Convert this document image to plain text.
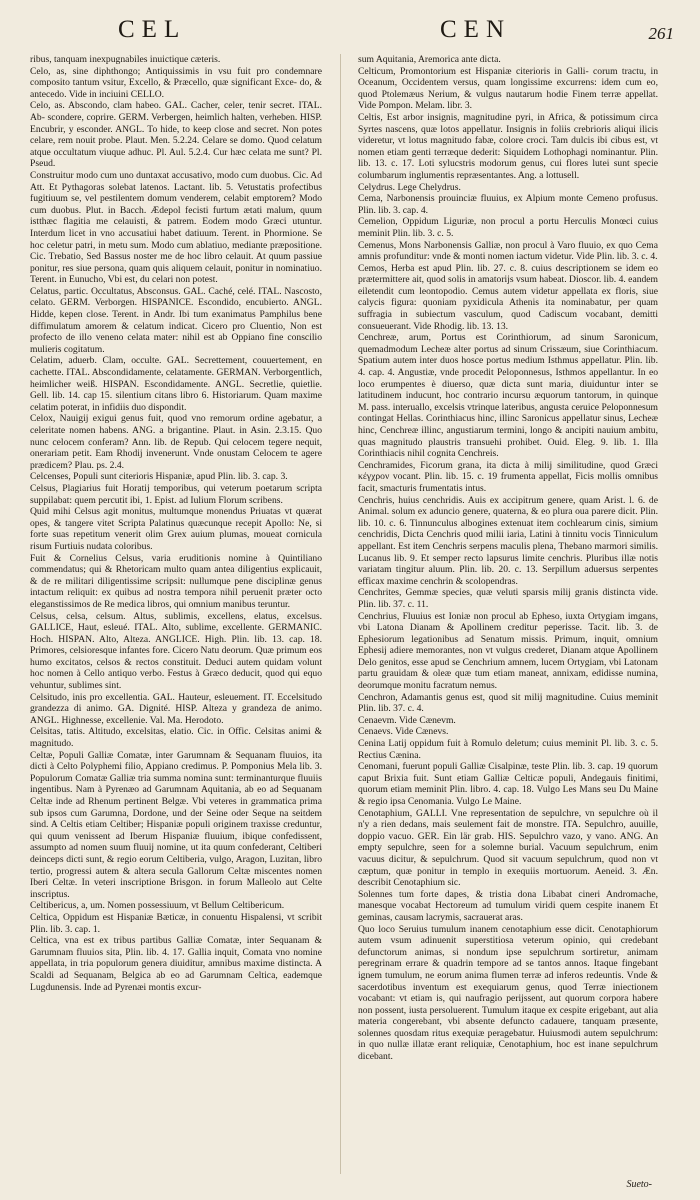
CEL	CEN	261

ribus, tanquam inexpugnabiles inuictique cæteris.

Celo, as, sine diphthongo; Antiquissimis in vsu fuit pro condemnare composito tantum vsitur, Excello, & Præcello, quæ significant Exce- do, & antecedo. Vide in inciuini CELLO.

Celo, as. Abscondo, clam habeo. GAL. Cacher, celer, tenir secret. ITAL. Ab- scondere, coprire. GERM. Verbergen, heimlich halten, verheben. HISP. Encubrir, y esconder. ANGL. To hide, to keep close and secret. Non potes celare, rem nouit probe. Plaut. Men. 5.2.24. Celare se domo. Quod celatum atque occultatum viuque adhuc. Pl. Aul. 5.2.4. Cur hæc celata me sunt? Pl. Pseud.

Construitur modo cum uno duntaxat accusativo, modo cum duobus. Cic. Ad Att. Et Pythagoras solebat latenos. Lactant. lib. 5. Vetustatis profectibus fugitiuum se, vel pestilentem domum venderem, celabit emptorem? Modo cum duobus. Plut. in Bacch. Ædepol fecisti furtum ætati malum, quum istthæc flagitia me celauisti, & patrem. Eodem modo Græci utuntur. Interdum licet in vno accusatiui habet datiuum. Terent. in Phormione. Se hoc celetur patri, in metu sum. Modo cum ablatiuo, mediante præpositione. Cic. Trebatio, Sed Bassus noster me de hoc libro celauit. At quum passiue ponitur, res siue persona, quam quis aliquem celauit, ponitur in nominatiuo. Terent. in Eunucho, Vbi est, du celari non potest.

Celatus, partic. Occultatus, Absconsus. GAL. Caché, celé. ITAL. Nascosto, celato. GERM. Verborgen. HISPANICE. Escondido, encubierto. ANGL. Hidde, kepen close. Terent. in Andr. Ibi tum exanimatus Pamphilus bene diffimulatum amorem & celatum indicat. Cicero pro Cluentio, Non est profecto de illo veneno celata mater: nihil est ab Oppiano fine conscilio mulieris cogitatum.

Celatim, aduerb. Clam, occulte. GAL. Secrettement, couuertement, en cachette. ITAL. Abscondidamente, celatamente. GERMAN. Verborgentlich, heimlicher weiß. HISPAN. Escondidamente. ANGL. Secretlie, quietlie. Gell. lib. 14. cap 15. silentium citans libro 6. Historiarum. Quam maxime celatim poterat, in infidiis duo dispondit.

Celox, Nauigij exigui genus fuit, quod vno remorum ordine agebatur, a celeritate nomen habens. ANG. a brigantine. Plaut. in Asin. 2.3.15. Quo nunc celocem conferam? Ann. lib. de Repub. Qui celocem tegere nequit, onerariam petit. Eam Rhodij invenerunt. Vnde onustam Celocem te agere prædicem? Plau. ps. 2.4.

Celcenses, Populi sunt citerioris Hispaniæ, apud Plin. lib. 3. cap. 3.

Celsus, Plagiarius fuit Horatij temporibus, qui veterum poetarum scripta suppilabat: quem percutit ibi, 1. Epist. ad Iulium Florum scribens.

Quid mihi Celsus agit monitus, multumque monendus Priuatas vt quærat opes, & tangere vitet Scripta Palatinus quæcunque recepit Apollo: Ne, si forte suas repetitum venerit olim Grex auium plumas, moueat cornicula risum Furtiuis nudata coloribus.

Fuit & Cornelius Celsus, varia eruditionis nomine à Quintiliano commendatus; qui & Rhetoricam multo quam antea diligentius explicauit, & de re militari diligentissime scripsit: nullumque pene disciplinæ genus intactum reliquit: ex quibus ad nostra tempora nihil peruenit præter octo eleganstissimos de Re medica libros, qui omnium manibus teruntur.

Celsus, celsa, celsum. Altus, sublimis, excellens, elatus, excelsus. GALLICE, Haut, esleué. ITAL. Alto, sublime, excellente. GERMANIC. Hoch. HISPAN. Alto, Alteza. ANGLICE. High. Plin. lib. 13. cap. 18. Primores, celsioresque infantes fore. Cicero Natu deorum. Quæ primum eos humo excitatos, celsos & rectos constituit. Deduci autem quidam volunt hoc nomen à Cello antiquo verbo. Festus à Græco deducit, quod qui equo vehuntur, sublimes sint.

Celsitudo, inis pro excellentia. GAL. Hauteur, esleuement. IT. Eccelsitudo grandezza di animo. GA. Dignité. HISP. Alteza y grandeza de animo. ANGL. Highnesse, excellenie. Val. Ma. Herodoto.

Celsitas, tatis. Altitudo, excelsitas, elatio. Cic. in Offic. Celsitas animi & magnitudo.

Celtæ, Populi Galliæ Comatæ, inter Garumnam & Sequanam fluuios, ita dicti à Celto Polyphemi filio, Appiano credimus. P. Pomponius Mela lib. 3. Populorum Comatæ Galliæ tria summa nomina sunt: terminanturque fluuiis ingentibus. Nam à Pyrenæo ad Garumnam Aquitania, ab eo ad Sequanam Celtæ inde ad Rhenum pertinent Belgæ. Vbi veteres in grammatica prima sub ipsos cum Garumna, Dordone, und der Seine oder Seque na seitdem sind. A Celtis etiam Celtiber; Hispaniæ populi originem traxisse creduntur, qui quum venissent ad Iberum Hispaniæ fluuium, ibique confedissent, assumpto ad nomen suum fluuij nomine, ut ita quum confederant, Celtiberi deinceps dicti sunt, & regio eorum Celtiberia, vulgo, Aragon, Luzitan, libro tertio, progressi autem & altera secula Gallorum Celtæ miscentes nomen Iberi Celtæ. In veteri inscriptione Brisgon. in forum Malleolo aut Celte inscriptus.

Celtibericus, a, um. Nomen possessiuum, vt Bellum Celtibericum.

Celtica, Oppidum est Hispaniæ Bæticæ, in conuentu Hispalensi, vt scribit Plin. lib. 3. cap. 1.

Celtica, vna est ex tribus partibus Galliæ Comatæ, inter Sequanam & Garumnam fluuios sita, Plin. lib. 4. 17. Gallia inquit, Comata vno nomine appellata, in tria populorum genera diuiditur, amnibus maxime distincta. A Scaldi ad Sequanam, Belgica ab eo ad Garumnam Celtica, eademque Lugdunensis. Inde ad Pyrenæi montis excur-

sum Aquitania, Aremorica ante dicta.

Celticum, Promontorium est Hispaniæ citerioris in Galli- corum tractu, in Oceanum, Occidentem versus, quam longissime excurrens: idem cum eo, quod Ptolemæus Nerium, & vulgus nautarum hodie Finem terræ appellat. Vide Pompon. Melam. libr. 3.

Celtis, Est arbor insignis, magnitudine pyri, in Africa, & potissimum circa Syrtes nascens, quæ lotos appellatur. Insignis in foliis crebrioris aliqui ilicis videretur, vt lotus magnitudo fabæ, colore croci. Tam dulcis ibi cibus est, vt nomen etiam genti terræque dederit: Siquidem Lothophagi nominantur. Plin. lib. 13. c. 17. Loti sylucstris modorum genus, cui flores lutei sunt specie columbarum inglumentis repræsentantes. Ang. a lottusell.

Celydrus. Lege Chelydrus.

Cema, Narbonensis prouinciæ fluuius, ex Alpium monte Cemeno profusus. Plin. lib. 3. cap. 4.

Cemelion, Oppidum Liguriæ, non procul a portu Herculis Monœci cuius meminit Plin. lib. 3. c. 5.

Cemenus, Mons Narbonensis Galliæ, non procul à Varo fluuio, ex quo Cema amnis profunditur: vnde & monti nomen iactum videtur. Vide Plin. lib. 3. c. 4.

Cemos, Herba est apud Plin. lib. 27. c. 8. cuius descriptionem se idem eo prætermittere ait, quod solis in amatorijs vsum habeat. Dioscor. lib. 4. eandem eiletendit cum leontopodio. Cemus autem videtur appellata ex floris, siue calycis figura: quoniam pyxidicula Athenis ita nominabatur, per quam suffragia in subiectum vasculum, quod Cadiscum vocabant, demitti consueuerant. Vide Rhodig. lib. 13. 13.

Cenchreæ, arum, Portus est Corinthiorum, ad sinum Saronicum, quemadmodum Lecheæ alter portus ad sinum Crissæum, siue Corinthiacum. Spatium autem inter duos hosce portus medium Isthmus appellatur. Plin. lib. 4. cap. 4. Angustiæ, vnde procedit Peloponnesus, Isthmos appellantur. In eo loco erumpentes è diuerso, quæ dicta sunt maria, diuiduntur inter se latitudinem inducunt, hoc contrario incursu æquorum tantorum, in quinque M. pass. interuallo, excelsis vtrinque lateribus, angusta ceruice Peloponnesum contingat Hellas. Corinthiacus hinc, illinc Saronicus appellatur sinus, Lecheæ hinc, Cenchreæ illinc, angustiarum termini, longo & ancipiti nauium ambitu, quas magnitudo plaustris transuehi prohibet. Ouid. Eleg. 9. lib. 1. Illa Corinthiacis nihil cognita Cenchreis.

Cenchramides, Ficorum grana, ita dicta à milij similitudine, quod Græci κέγχρον vocant. Plin. lib. 15. c. 19 frumenta appellat, Ficis mollis omnibus facit, smacturis frumentatis intus.

Cenchris, huius cenchridis. Auis ex accipitrum genere, quam Arist. l. 6. de Animal. solum ex aduncio genere, quaterna, & eo plura oua parere dicit. Plin. lib. 10. c. 6. Tinnunculus albogines extenuat item cochlearum cinis, simium cenchridis, Dicta Cenchris quod milii iaria, Latini à tinnitu vocis Tinniculum appellant. Est item Cenchris serpens maculis plena, Thebano marmori similis. Lucanus lib. 9. Et semper recto lapsurus limite cenchris. Pluribus illæ notis variatam tingitur aluum. Plin. lib. 20. c. 13. Serpillum aduersus serpentes efficax maxime cenchrin & scolopendras.

Cenchrites, Gemmæ species, quæ veluti sparsis milij granis distincta vide. Plin. lib. 37. c. 11.

Cenchrius, Fluuius est Ioniæ non procul ab Epheso, iuxta Ortygiam imgans, vbi Latona Dianam & Apollinem creditur peperisse. Tacit. lib. 3. de Ephesiorum legationibus ad Senatum missis. Primum, inquit, omnium Ephesij adiere memorantes, non vt vulgus crederet, Dianam atque Apollinem Delo genitos, esse apud se Cenchrium amnem, lucem Ortygiam, vbi Latonam partu grauidam & oleæ quæ tum etiam maneat, annixam, edidisse numina, deorumque monitu facratum nemus.

Cenchron, Adamantis genus est, quod sit milij magnitudine. Cuius meminit Plin. lib. 37. c. 4.

Cenaevm. Vide Cænevm.

Cenaevs. Vide Cænevs.

Cenina Latij oppidum fuit à Romulo deletum; cuius meminit Pl. lib. 3. c. 5. Rectius Cænina.

Cenomani, fuerunt populi Galliæ Cisalpinæ, teste Plin. lib. 3. cap. 19 quorum caput Brixia fuit. Sunt etiam Galliæ Celticæ populi, Andegauis finitimi, quorum etiam meminit Plin. libro. 4. cap. 18. Vulgo Les Mans seu Du Maine & regio ipsa Cenomania. Vulgo Le Maine.

Cenotaphium, GALLI. Vne representation de sepulchre, vn sepulchre où il n'y a rien dedans, mais seulement fait de monstre. ITA. Sepulchro, auuille, doppio vacuo. GER. Ein lär grab. HIS. Sepulchro vazo, y vano. ANG. An empty sepulchre, seen for a solemne burial. Vacuum sepulchrum, enim vacuus dicitur, & sepulchrum. Quod sit vacuum sepulchrum, quod non vt cæptum, quæ ponitur in templo in exequiis mortuorum. Aeneid. 3. Æn. describit Cenotaphium sic.

Solennes tum forte dapes, & tristia dona Libabat cineri Andromache, manesque vocabat Hectoreum ad tumulum viridi quem cespite inanem Et geminas, causam lacrymis, sacrauerat aras.

Quo loco Seruius tumulum inanem cenotaphium esse dicit. Cenotaphiorum autem vsum adinuenit superstitiosa veterum opinio, qui credebant defunctorum animas, si nondum ipse sepulchrum sortiretur, animam peregrinam errare & quadrin tempore ad se tantos annos. Itaque fingebant ignem tumulum, ne eorum anima flumen terræ ad inferos redeuntis. Vnde & sacerdotibus inventum est exequiarum genus, quod Terræ iniectionem vocabant: vt etiam is, qui naufragio perijssent, aut quorum corpora habere non possent, iusta persoluerent. Tumulum itaque ex cespite erigebant, aut alia materia congerebant, vbi absente defuncto cadauere, tanquam præsente, solennes quosdam ritus exequiæ peragebatur. Huiusmodi autem sepulchrum: in quo nullæ illatæ erant reliquiæ, Cenotaphium, hoc est inane sepulchrum dicebant.

Sueto-
